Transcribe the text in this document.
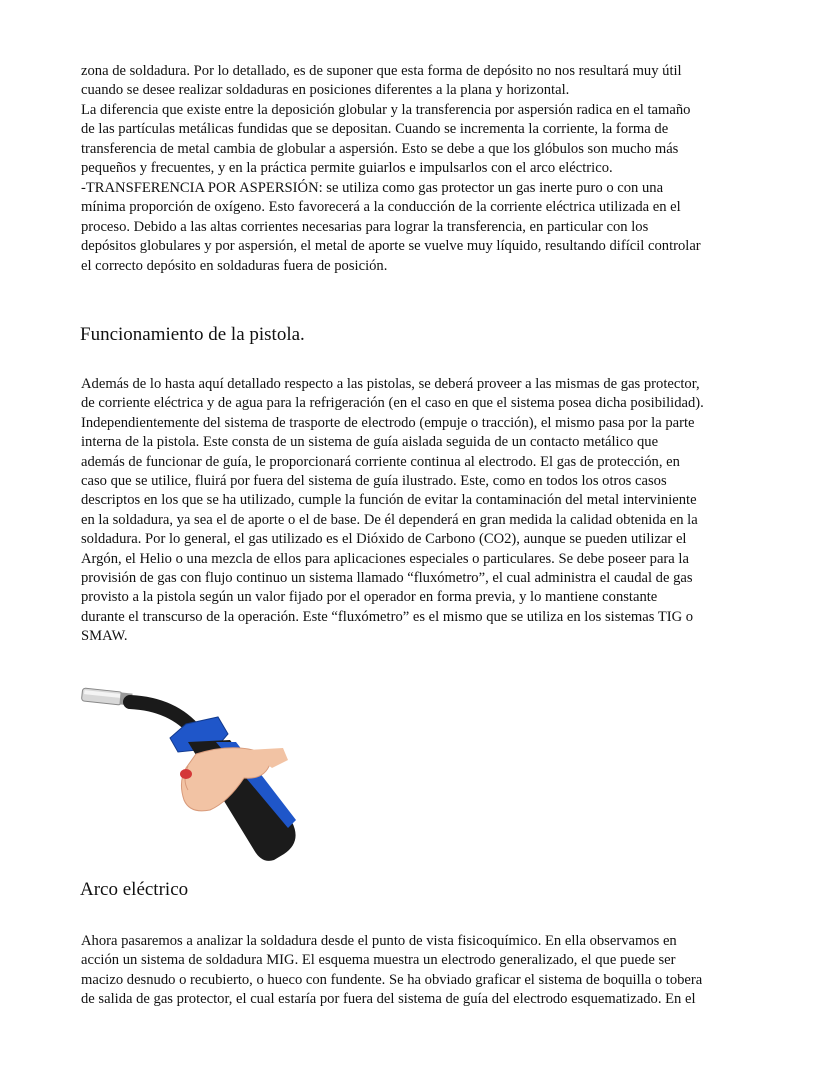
zona de soldadura. Por lo detallado, es de suponer que esta forma de depósito no nos resultará muy útil
cuando se desee realizar soldaduras en posiciones diferentes a la plana y horizontal.

La diferencia que existe entre la deposición globular y la transferencia por aspersión radica en el tamaño
de las partículas metálicas fundidas que se depositan. Cuando se incrementa la corriente, la forma de
transferencia de metal cambia de globular a aspersión. Esto se debe a que los glóbulos son mucho más
pequeños y frecuentes, y en la práctica permite guiarlos e impulsarlos con el arco eléctrico.

-TRANSFERENCIA POR ASPERSIÓN: se utiliza como gas protector un gas inerte puro o con una
mínima proporción de oxígeno. Esto favorecerá a la conducción de la corriente eléctrica utilizada en el
proceso. Debido a las altas corrientes necesarias para lograr la transferencia, en particular con los
depósitos globulares y por aspersión, el metal de aporte se vuelve muy líquido, resultando difícil controlar
el correcto depósito en soldaduras fuera de posición.

Funcionamiento de la pistola.

Además de lo hasta aquí detallado respecto a las pistolas, se deberá proveer a las mismas de gas protector,
de corriente eléctrica y de agua para la refrigeración (en el caso en que el sistema posea dicha posibilidad).
Independientemente del sistema de trasporte de electrodo (empuje o tracción), el mismo pasa por la parte
interna de la pistola. Este consta de un sistema de guía aislada seguida de un contacto metálico que
además de funcionar de guía, le proporcionará corriente continua al electrodo. El gas de protección, en
caso que se utilice, fluirá por fuera del sistema de guía ilustrado. Este, como en todos los otros casos
descriptos en los que se ha utilizado, cumple la función de evitar la contaminación del metal interviniente
en la soldadura, ya sea el de aporte o el de base. De él dependerá en gran medida la calidad obtenida en la
soldadura. Por lo general, el gas utilizado es el Dióxido de Carbono (CO2), aunque se pueden utilizar el
Argón, el Helio o una mezcla de ellos para aplicaciones especiales o particulares. Se debe poseer para la
provisión de gas con flujo continuo un sistema llamado “fluxómetro”, el cual administra el caudal de gas
provisto a la pistola según un valor fijado por el operador en forma previa, y lo mantiene constante
durante el transcurso de la operación. Este “fluxómetro” es el mismo que se utiliza en los sistemas TIG o
SMAW.

Arco eléctrico

Ahora pasaremos a analizar la soldadura desde el punto de vista fisicoquímico. En ella observamos en
acción un sistema de soldadura MIG. El esquema muestra un electrodo generalizado, el que puede ser
macizo desnudo o recubierto, o hueco con fundente. Se ha obviado graficar el sistema de boquilla o tobera
de salida de gas protector, el cual estaría por fuera del sistema de guía del electrodo esquematizado. En el
